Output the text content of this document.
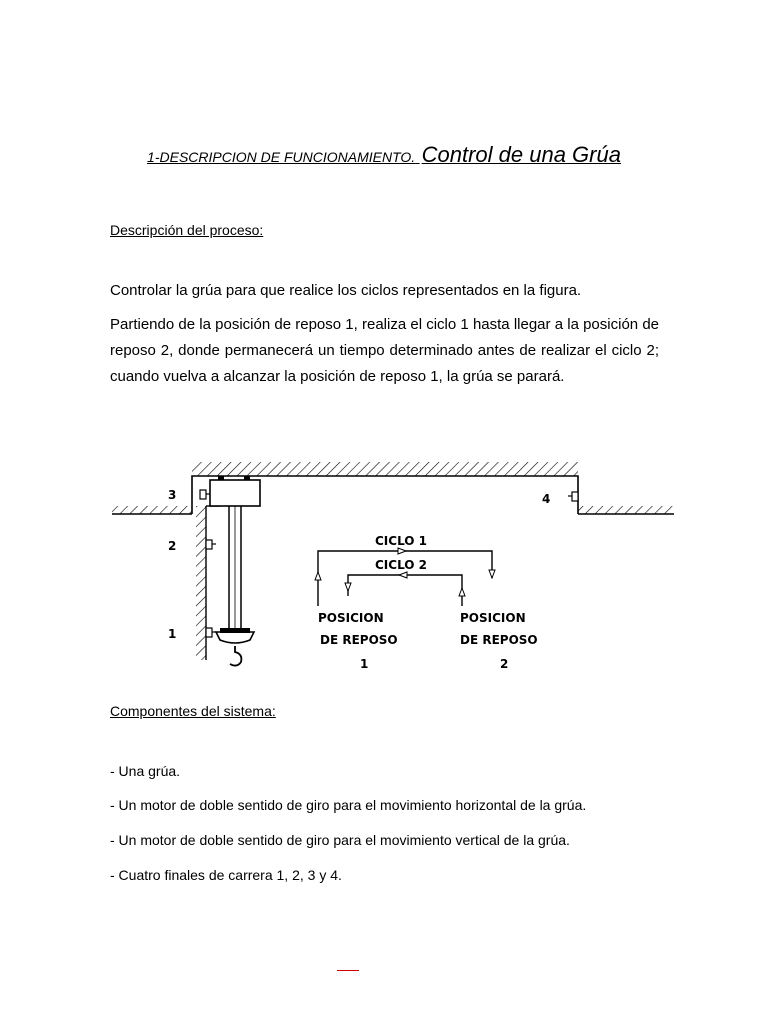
1-DESCRIPCION DE FUNCIONAMIENTO. Control de una Grúa
Descripción del proceso:
Controlar la grúa para que realice los ciclos representados en la figura.
Partiendo de la posición de reposo 1, realiza el ciclo 1 hasta llegar a la posición de reposo 2, donde permanecerá un tiempo determinado antes de realizar el ciclo 2; cuando vuelva a alcanzar la posición de reposo 1, la grúa se parará.
3
2
1
4
CICLO 1
CICLO 2
POSICION
DE REPOSO
1
POSICION
DE REPOSO
2
Componentes del sistema:
- Una grúa.
- Un motor de doble sentido de giro para el movimiento horizontal de la grúa.
- Un motor de doble sentido de giro para el movimiento vertical de la grúa.
- Cuatro finales de carrera 1, 2, 3 y 4.
